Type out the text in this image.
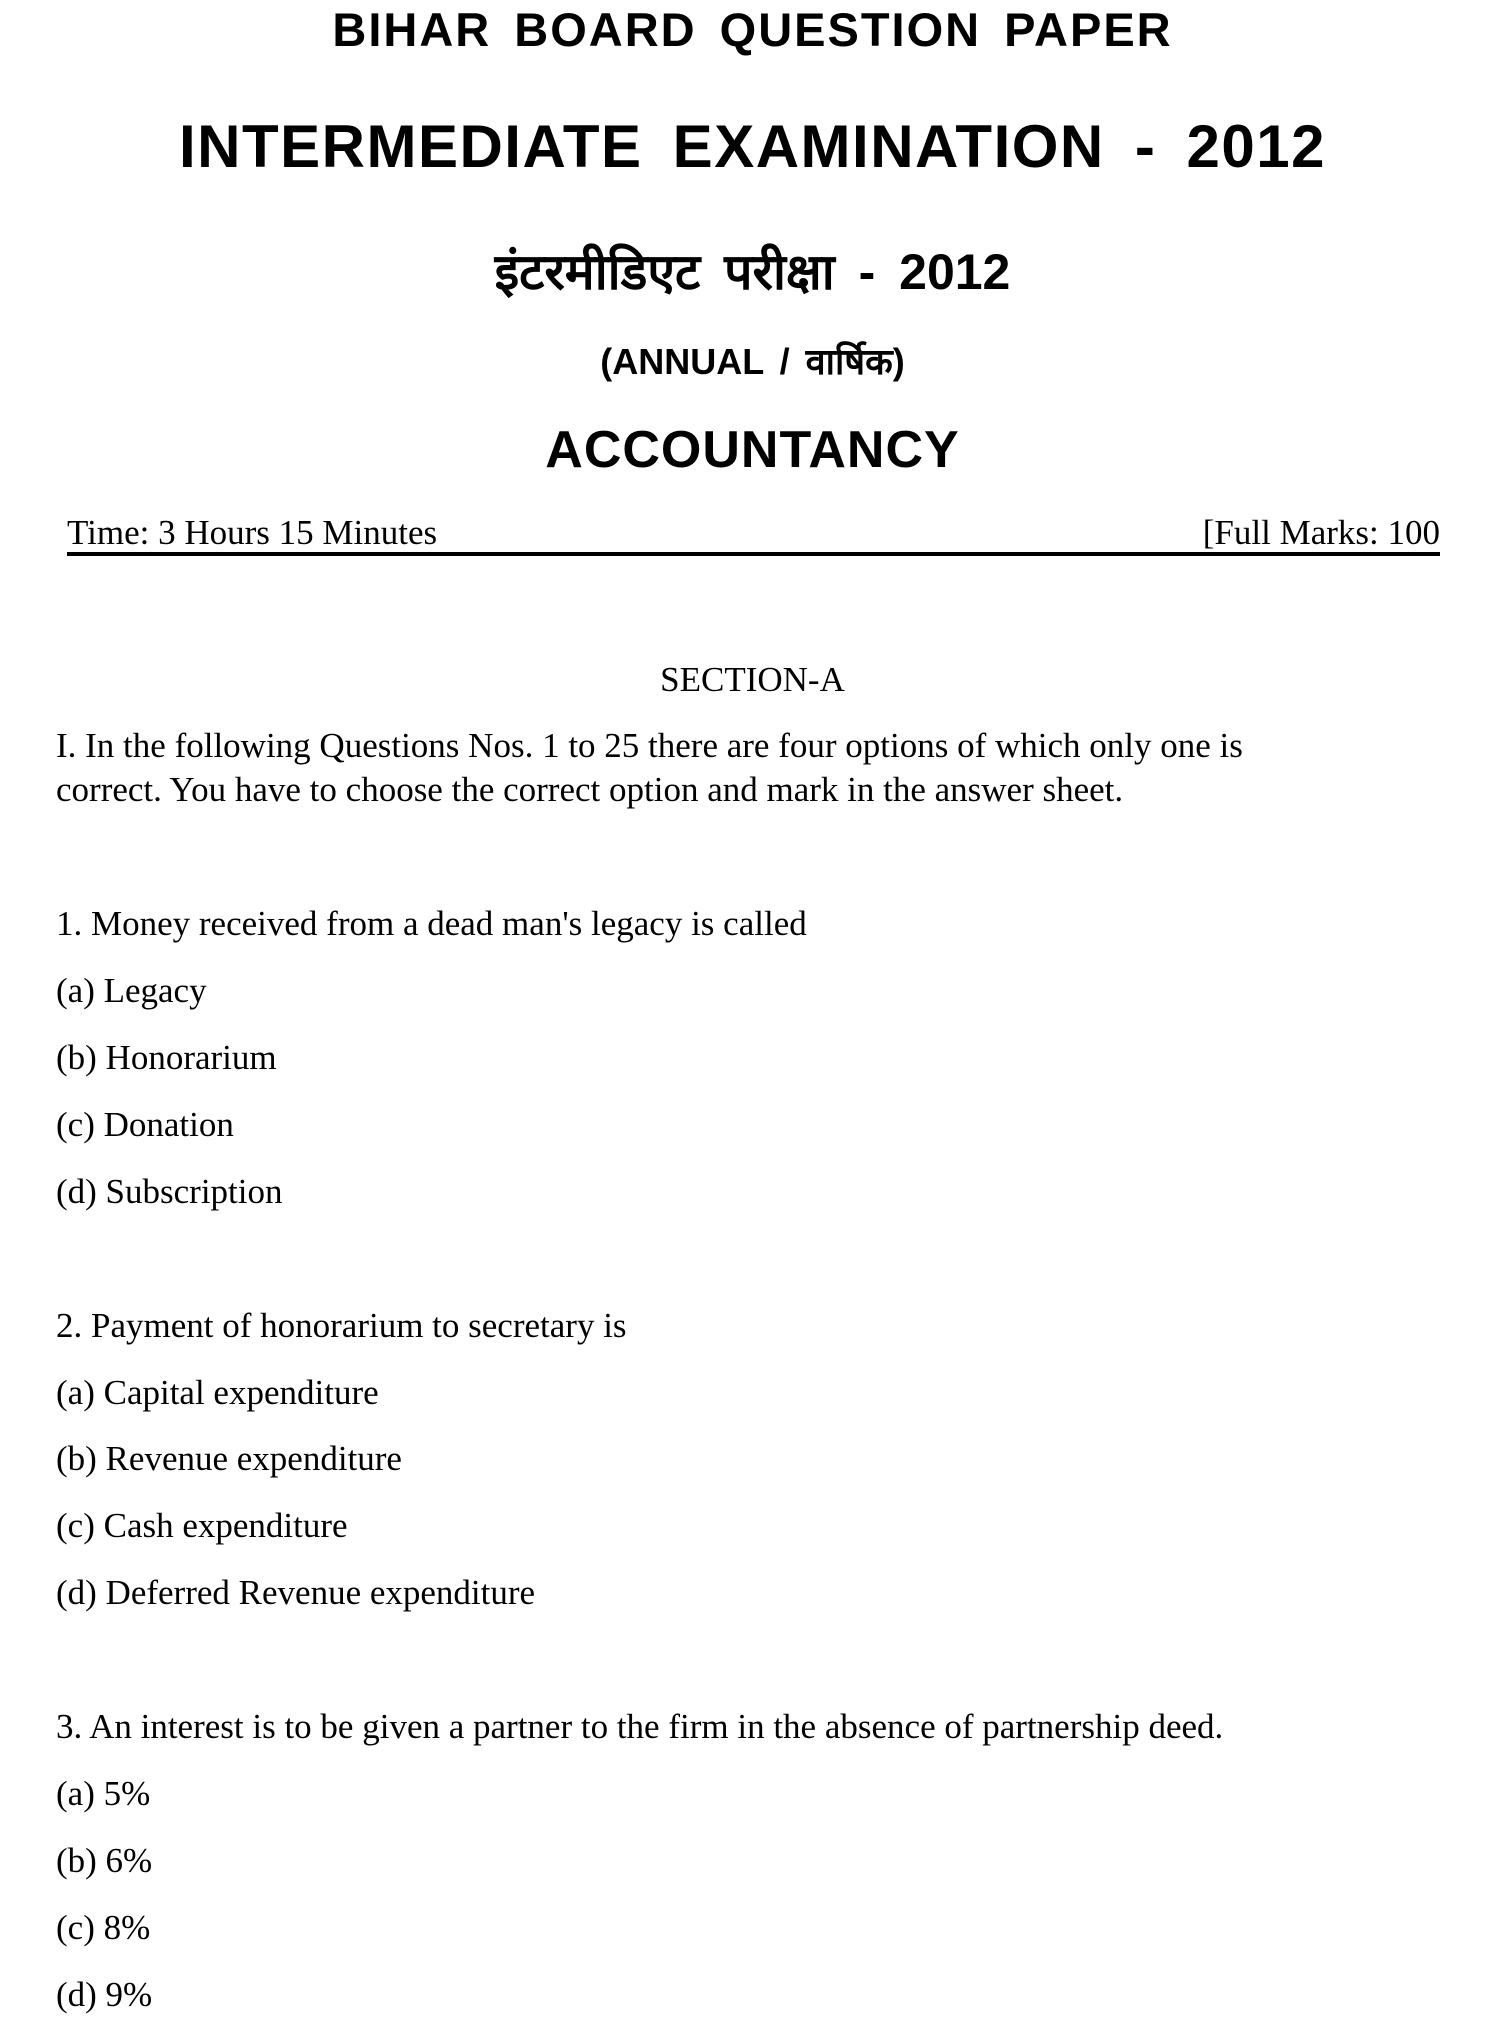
BIHAR BOARD QUESTION PAPER
INTERMEDIATE EXAMINATION - 2012
इंटरमीडिएट परीक्षा - 2012
(ANNUAL / वार्षिक)
ACCOUNTANCY
Time: 3 Hours 15 Minutes	[Full Marks: 100
SECTION-A
I. In the following Questions Nos. 1 to 25 there are four options of which only one is
correct. You have to choose the correct option and mark in the answer sheet.
1. Money received from a dead man's legacy is called
(a) Legacy
(b) Honorarium
(c) Donation
(d) Subscription
2. Payment of honorarium to secretary is
(a) Capital expenditure
(b) Revenue expenditure
(c) Cash expenditure
(d) Deferred Revenue expenditure
3. An interest is to be given a partner to the firm in the absence of partnership deed.
(a) 5%
(b) 6%
(c) 8%
(d) 9%
